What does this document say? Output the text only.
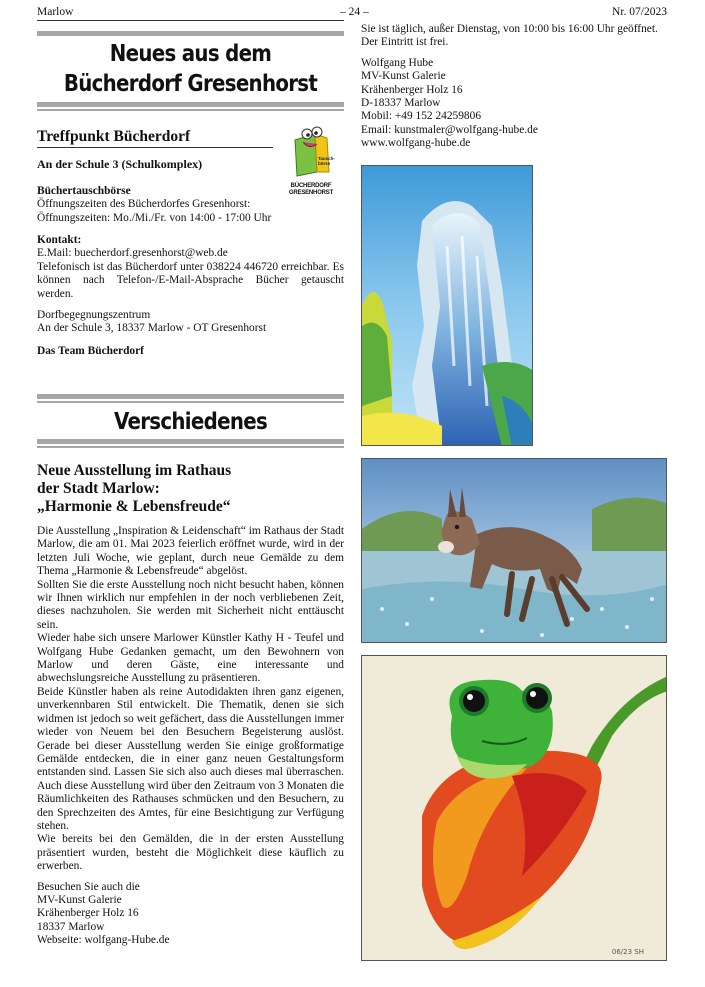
Marlow	– 24 –	Nr. 07/2023
Neues aus dem
Bücherdorf Gresenhorst
Treffpunkt Bücherdorf
An der Schule 3 (Schulkomplex)
Büchertauschbörse
Öffnungszeiten des Bücherdorfes Gresenhorst:
Öffnungszeiten: Mo./Mi./Fr. von 14:00 - 17:00 Uhr
Kontakt:
E.Mail: buecherdorf.gresenhorst@web.de
Telefonisch ist das Bücherdorf unter 038224 446720 erreichbar. Es können nach Telefon-/E-Mail-Absprache Bücher getauscht werden.
Dorfbegegnungszentrum
An der Schule 3, 18337 Marlow - OT Gresenhorst
Das Team Bücherdorf
Tausch-
börse
BÜCHERDORF
GRESENHORST
Verschiedenes
Neue Ausstellung im Rathaus
der Stadt Marlow:
„Harmonie & Lebensfreude“
Die Ausstellung „Inspiration & Leidenschaft“ im Rathaus der Stadt Marlow, die am 01. Mai 2023 feierlich eröffnet wurde, wird in der letzten Juli Woche, wie geplant, durch neue Gemälde zu dem Thema „Harmonie & Lebensfreude“ abgelöst.
Sollten Sie die erste Ausstellung noch nicht besucht haben, können wir Ihnen wirklich nur empfehlen in der noch verbliebenen Zeit, dieses nachzuholen. Sie werden mit Sicherheit nicht enttäuscht sein.
Wieder habe sich unsere Marlower Künstler Kathy H - Teufel und Wolfgang Hube Gedanken gemacht, um den Bewohnern von Marlow und deren Gäste, eine interessante und abwechslungsreiche Ausstellung zu präsentieren.
Beide Künstler haben als reine Autodidakten ihren ganz eigenen, unverkennbaren Stil entwickelt. Die Thematik, denen sie sich widmen ist jedoch so weit gefächert, dass die Ausstellungen immer wieder von Neuem bei den Besuchern Begeisterung auslöst. Gerade bei dieser Ausstellung werden Sie einige großformatige Gemälde entdecken, die in einer ganz neuen Gestaltungsform entstanden sind. Lassen Sie sich also auch dieses mal überraschen. Auch diese Ausstellung wird über den Zeitraum von 3 Monaten die Räumlichkeiten des Rathauses schmücken und den Besuchern, zu den Sprechzeiten des Amtes, für eine Besichtigung zur Verfügung stehen.
Wie bereits bei den Gemälden, die in der ersten Ausstellung präsentiert wurden, besteht die Möglichkeit diese käuflich zu erwerben.
Besuchen Sie auch die
MV-Kunst Galerie
Krähenberger Holz 16
18337 Marlow
Webseite: wolfgang-Hube.de
Sie ist täglich, außer Dienstag, von 10:00 bis 16:00 Uhr geöffnet.
Der Eintritt ist frei.
Wolfgang Hube
MV-Kunst Galerie
Krähenberger Holz 16
D-18337 Marlow
Mobil: +49 152 24259806
Email: kunstmaler@wolfgang-hube.de
www.wolfgang-hube.de
06/23 SH
